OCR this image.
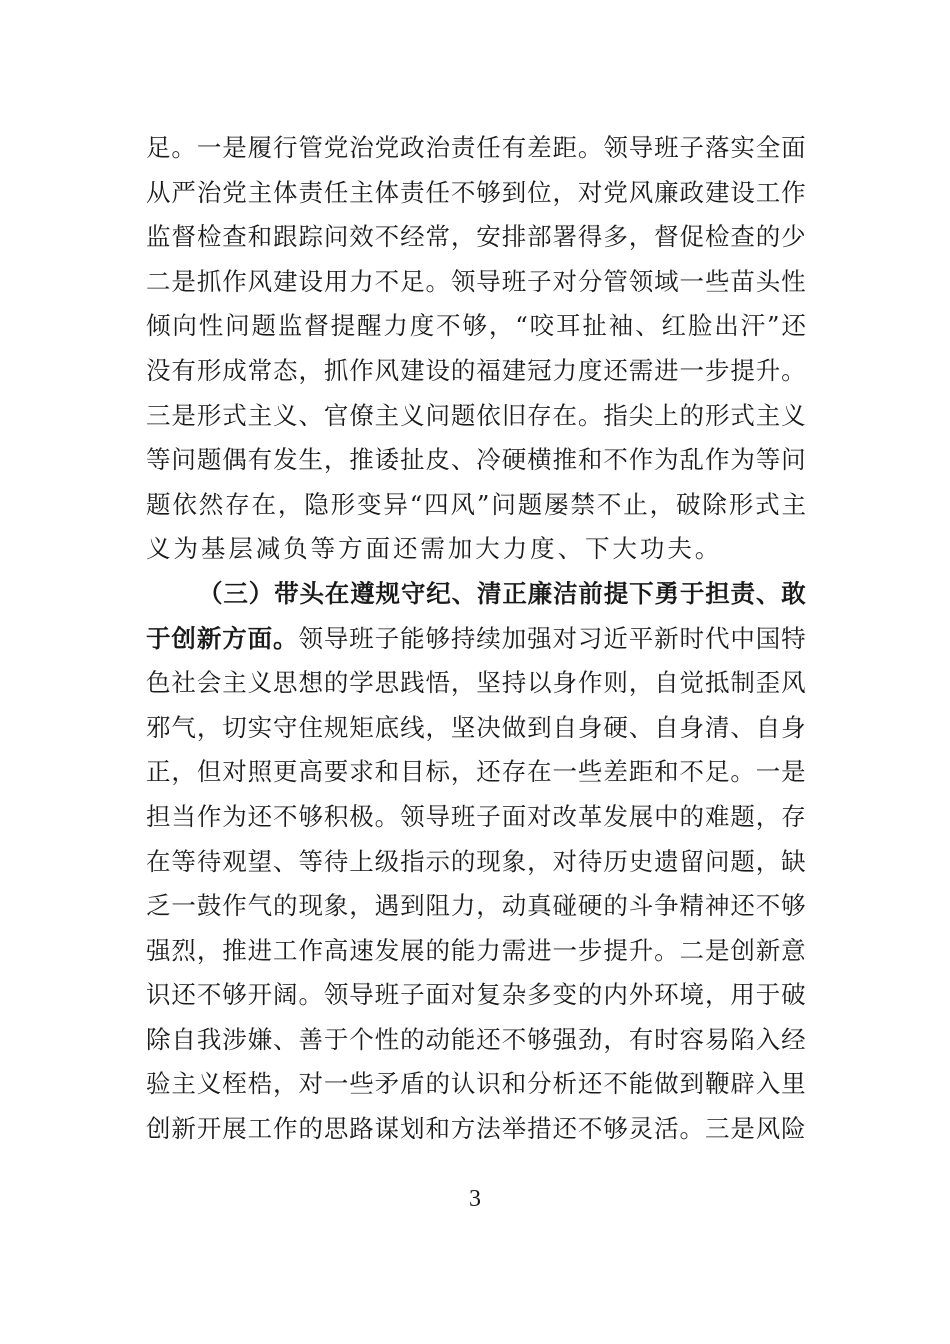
足 。 一 是 履 行 管 党 治 党 政 治 责 任 有 差 距 。 领 导 班 子 落 实 全 面
从 严 治 党 主 体 责 任 主 体 责 任 不 够 到 位 ， 对 党 风 廉 政 建 设 工 作
监 督 检 查 和 跟 踪 问 效 不 经 常 ， 安 排 部 署 得 多 ， 督 促 检 查 的 少
二 是 抓 作 风 建 设 用 力 不 足 。 领 导 班 子 对 分 管 领 域 一 些 苗 头 性
倾 向 性 问 题 监 督 提 醒 力 度 不 够 ， “ 咬 耳 扯 袖 、 红 脸 出 汗 ” 还
没 有 形 成 常 态 ， 抓 作 风 建 设 的 福 建 冠 力 度 还 需 进 一 步 提 升 。
三 是 形 式 主 义 、 官 僚 主 义 问 题 依 旧 存 在 。 指 尖 上 的 形 式 主 义
等 问 题 偶 有 发 生 ， 推 诿 扯 皮 、 冷 硬 横 推 和 不 作 为 乱 作 为 等 问
题 依 然 存 在 ， 隐 形 变 异 “ 四 风 ” 问 题 屡 禁 不 止 ， 破 除 形 式 主
义为基层减负等方面还需加大力度、下大功夫。
（ 三 ） 带 头 在 遵 规 守 纪 、 清 正 廉 洁 前 提 下 勇 于 担 责 、 敢
于 创 新 方 面 。 领 导 班 子 能 够 持 续 加 强 对 习 近 平 新 时 代 中 国 特
色 社 会 主 义 思 想 的 学 思 践 悟 ， 坚 持 以 身 作 则 ， 自 觉 抵 制 歪 风
邪 气 ， 切 实 守 住 规 矩 底 线 ， 坚 决 做 到 自 身 硬 、 自 身 清 、 自 身
正 ， 但 对 照 更 高 要 求 和 目 标 ， 还 存 在 一 些 差 距 和 不 足 。 一 是
担 当 作 为 还 不 够 积 极 。 领 导 班 子 面 对 改 革 发 展 中 的 难 题 ， 存
在 等 待 观 望 、 等 待 上 级 指 示 的 现 象 ， 对 待 历 史 遗 留 问 题 ， 缺
乏 一 鼓 作 气 的 现 象 ， 遇 到 阻 力 ， 动 真 碰 硬 的 斗 争 精 神 还 不 够
强 烈 ， 推 进 工 作 高 速 发 展 的 能 力 需 进 一 步 提 升 。 二 是 创 新 意
识 还 不 够 开 阔 。 领 导 班 子 面 对 复 杂 多 变 的 内 外 环 境 ， 用 于 破
除 自 我 涉 嫌 、 善 于 个 性 的 动 能 还 不 够 强 劲 ， 有 时 容 易 陷 入 经
验 主 义 桎 梏 ， 对 一 些 矛 盾 的 认 识 和 分 析 还 不 能 做 到 鞭 辟 入 里
创 新 开 展 工 作 的 思 路 谋 划 和 方 法 举 措 还 不 够 灵 活 。 三 是 风 险
3
